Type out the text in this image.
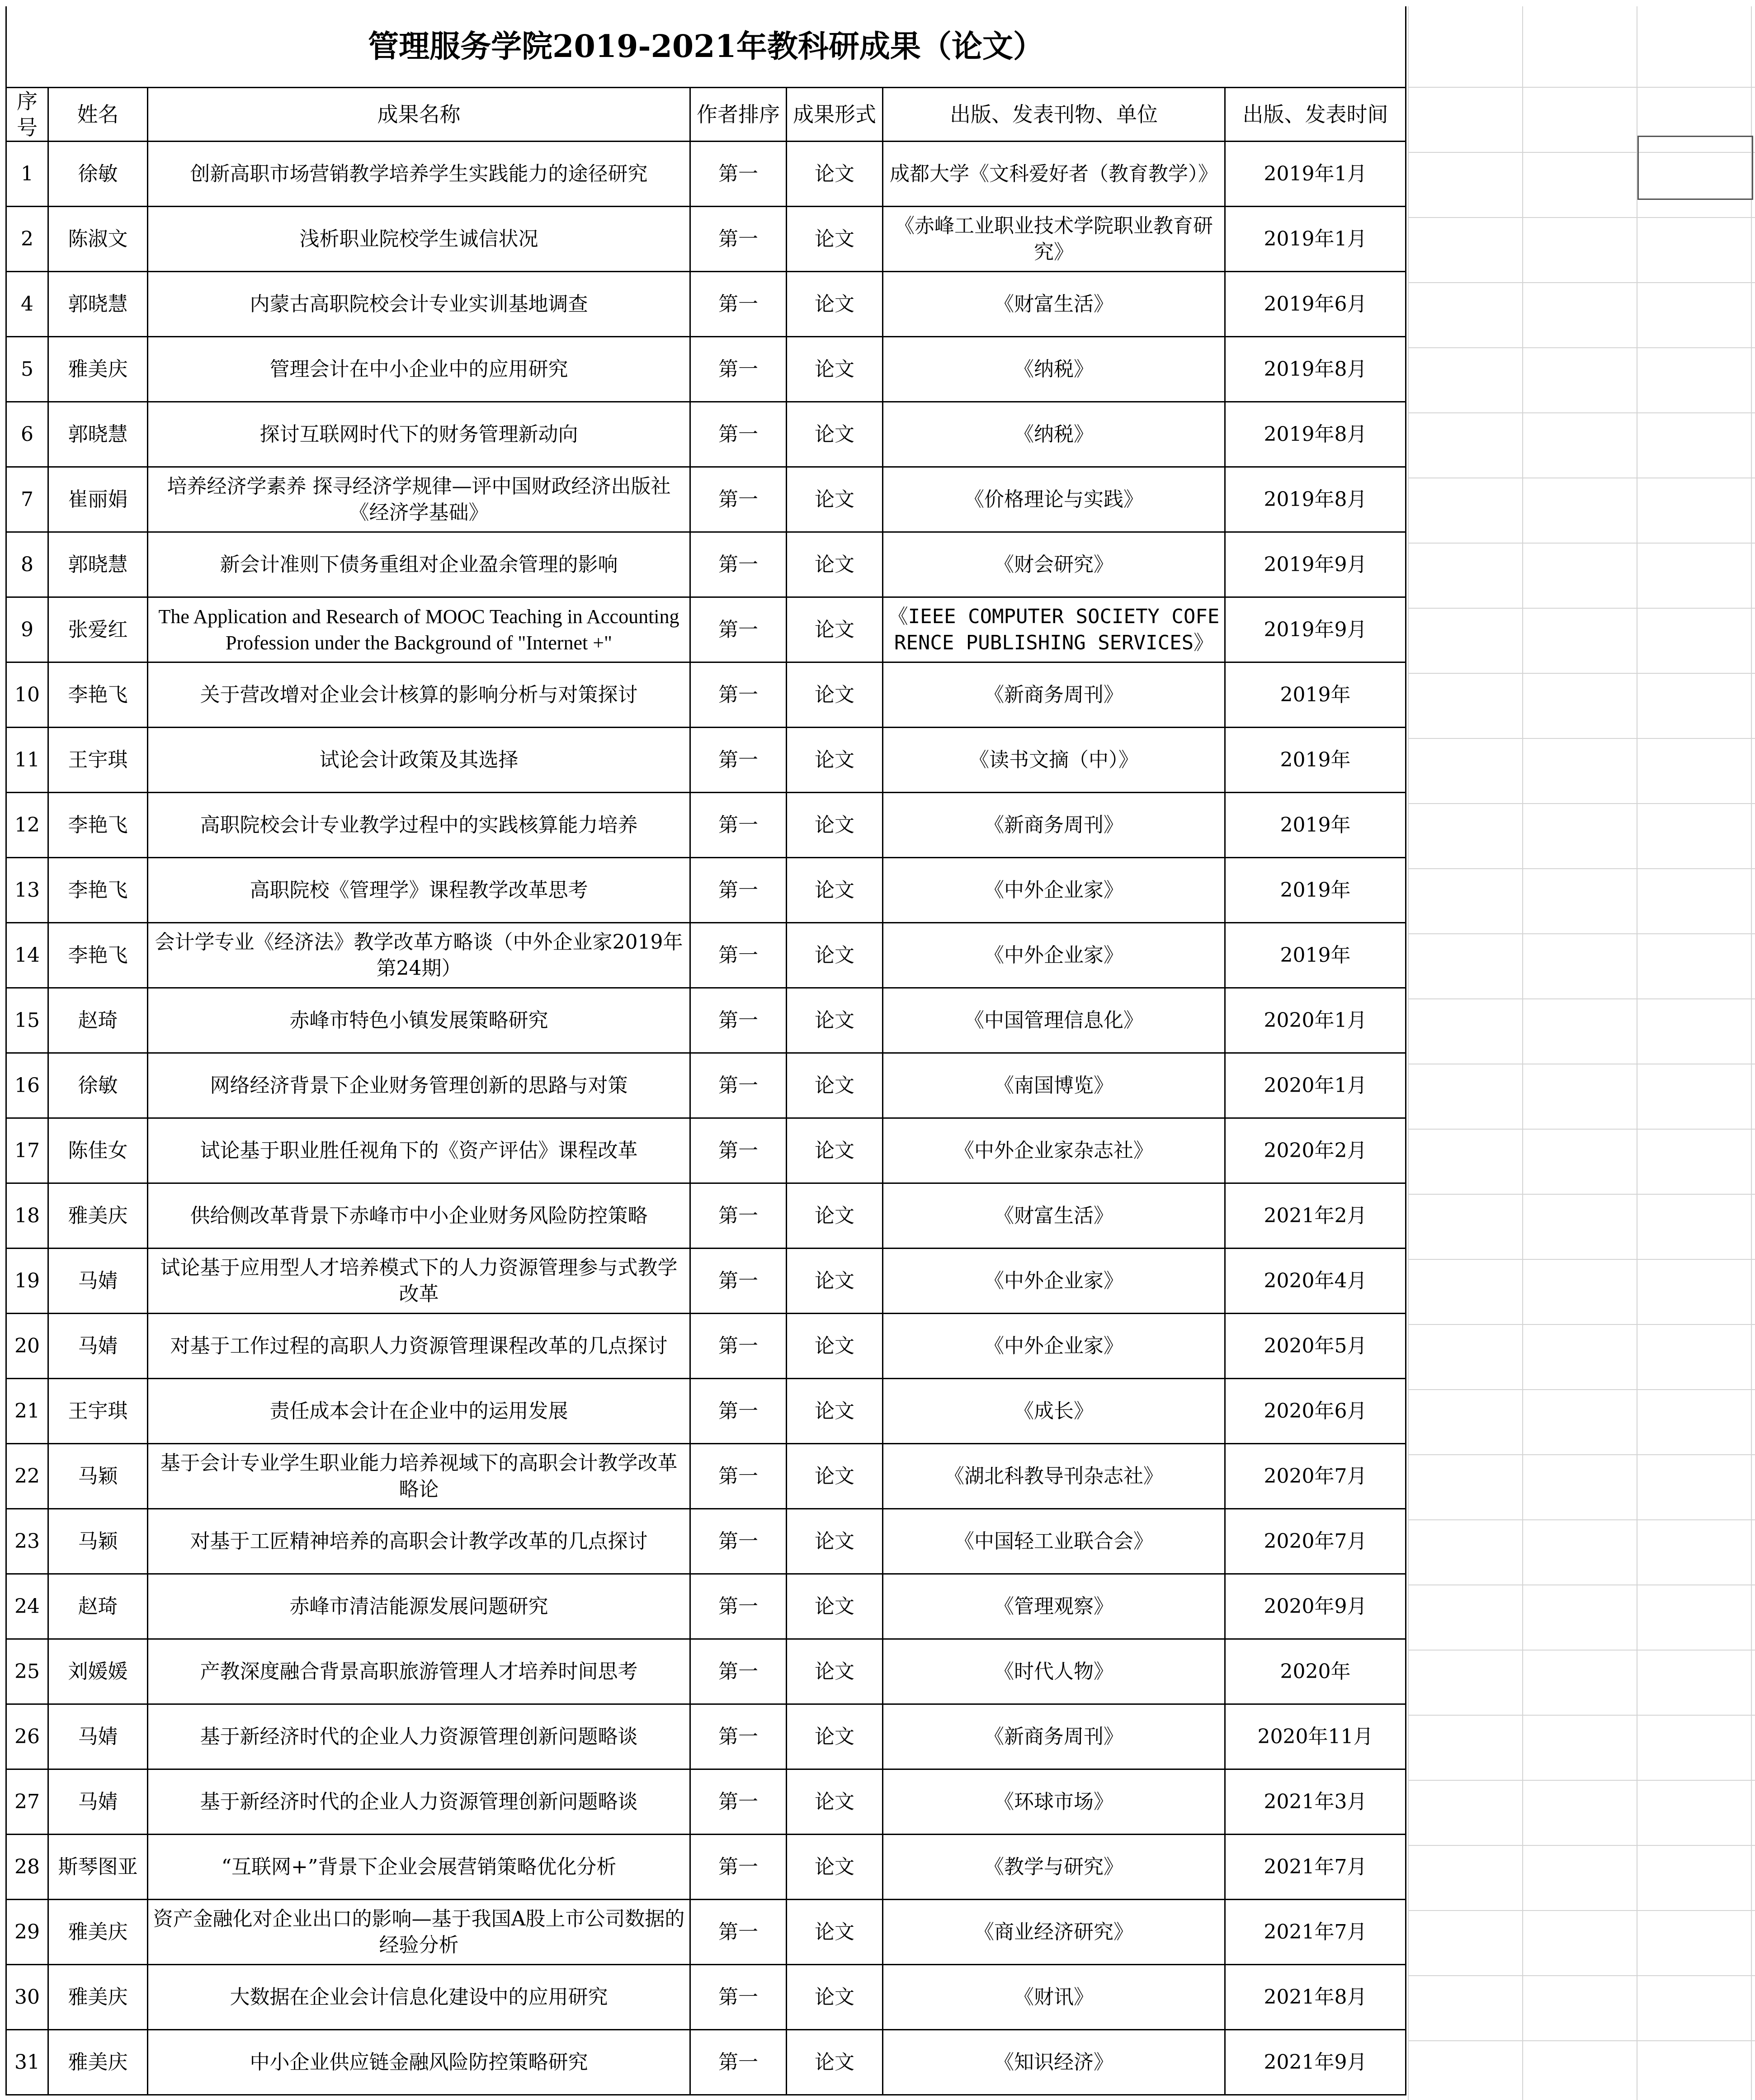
管理服务学院2019-2021年教科研成果（论文）						
序号	姓名	成果名称	作者排序	成果形式	出版、发表刊物、单位	出版、发表时间
1	徐敏	创新高职市场营销教学培养学生实践能力的途径研究	第一	论文	成都大学《文科爱好者（教育教学）》	2019年1月
2	陈淑文	浅析职业院校学生诚信状况	第一	论文	《赤峰工业职业技术学院职业教育研究》	2019年1月
4	郭晓慧	内蒙古高职院校会计专业实训基地调查	第一	论文	《财富生活》	2019年6月
5	雅美庆	管理会计在中小企业中的应用研究	第一	论文	《纳税》	2019年8月
6	郭晓慧	探讨互联网时代下的财务管理新动向	第一	论文	《纳税》	2019年8月
7	崔丽娟	培养经济学素养 探寻经济学规律—评中国财政经济出版社《经济学基础》	第一	论文	《价格理论与实践》	2019年8月
8	郭晓慧	新会计准则下债务重组对企业盈余管理的影响	第一	论文	《财会研究》	2019年9月
9	张爱红	The Application and Research of MOOC Teaching in Accounting Profession under the Background of "Internet +"	第一	论文	《IEEE COMPUTER SOCIETY COFERENCE PUBLISHING SERVICES》	2019年9月
10	李艳飞	关于营改增对企业会计核算的影响分析与对策探讨	第一	论文	《新商务周刊》	2019年
11	王宇琪	试论会计政策及其选择	第一	论文	《读书文摘（中）》	2019年
12	李艳飞	高职院校会计专业教学过程中的实践核算能力培养	第一	论文	《新商务周刊》	2019年
13	李艳飞	高职院校《管理学》课程教学改革思考	第一	论文	《中外企业家》	2019年
14	李艳飞	会计学专业《经济法》教学改革方略谈（中外企业家2019年第24期）	第一	论文	《中外企业家》	2019年
15	赵琦	赤峰市特色小镇发展策略研究	第一	论文	《中国管理信息化》	2020年1月
16	徐敏	网络经济背景下企业财务管理创新的思路与对策	第一	论文	《南国博览》	2020年1月
17	陈佳女	试论基于职业胜任视角下的《资产评估》课程改革	第一	论文	《中外企业家杂志社》	2020年2月
18	雅美庆	供给侧改革背景下赤峰市中小企业财务风险防控策略	第一	论文	《财富生活》	2021年2月
19	马婧	试论基于应用型人才培养模式下的人力资源管理参与式教学改革	第一	论文	《中外企业家》	2020年4月
20	马婧	对基于工作过程的高职人力资源管理课程改革的几点探讨	第一	论文	《中外企业家》	2020年5月
21	王宇琪	责任成本会计在企业中的运用发展	第一	论文	《成长》	2020年6月
22	马颖	基于会计专业学生职业能力培养视域下的高职会计教学改革略论	第一	论文	《湖北科教导刊杂志社》	2020年7月
23	马颖	对基于工匠精神培养的高职会计教学改革的几点探讨	第一	论文	《中国轻工业联合会》	2020年7月
24	赵琦	赤峰市清洁能源发展问题研究	第一	论文	《管理观察》	2020年9月
25	刘媛媛	产教深度融合背景高职旅游管理人才培养时间思考	第一	论文	《时代人物》	2020年
26	马婧	基于新经济时代的企业人力资源管理创新问题略谈	第一	论文	《新商务周刊》	2020年11月
27	马婧	基于新经济时代的企业人力资源管理创新问题略谈	第一	论文	《环球市场》	2021年3月
28	斯琴图亚	“互联网+”背景下企业会展营销策略优化分析	第一	论文	《教学与研究》	2021年7月
29	雅美庆	资产金融化对企业出口的影响—基于我国A股上市公司数据的经验分析	第一	论文	《商业经济研究》	2021年7月
30	雅美庆	大数据在企业会计信息化建设中的应用研究	第一	论文	《财讯》	2021年8月
31	雅美庆	中小企业供应链金融风险防控策略研究	第一	论文	《知识经济》	2021年9月
